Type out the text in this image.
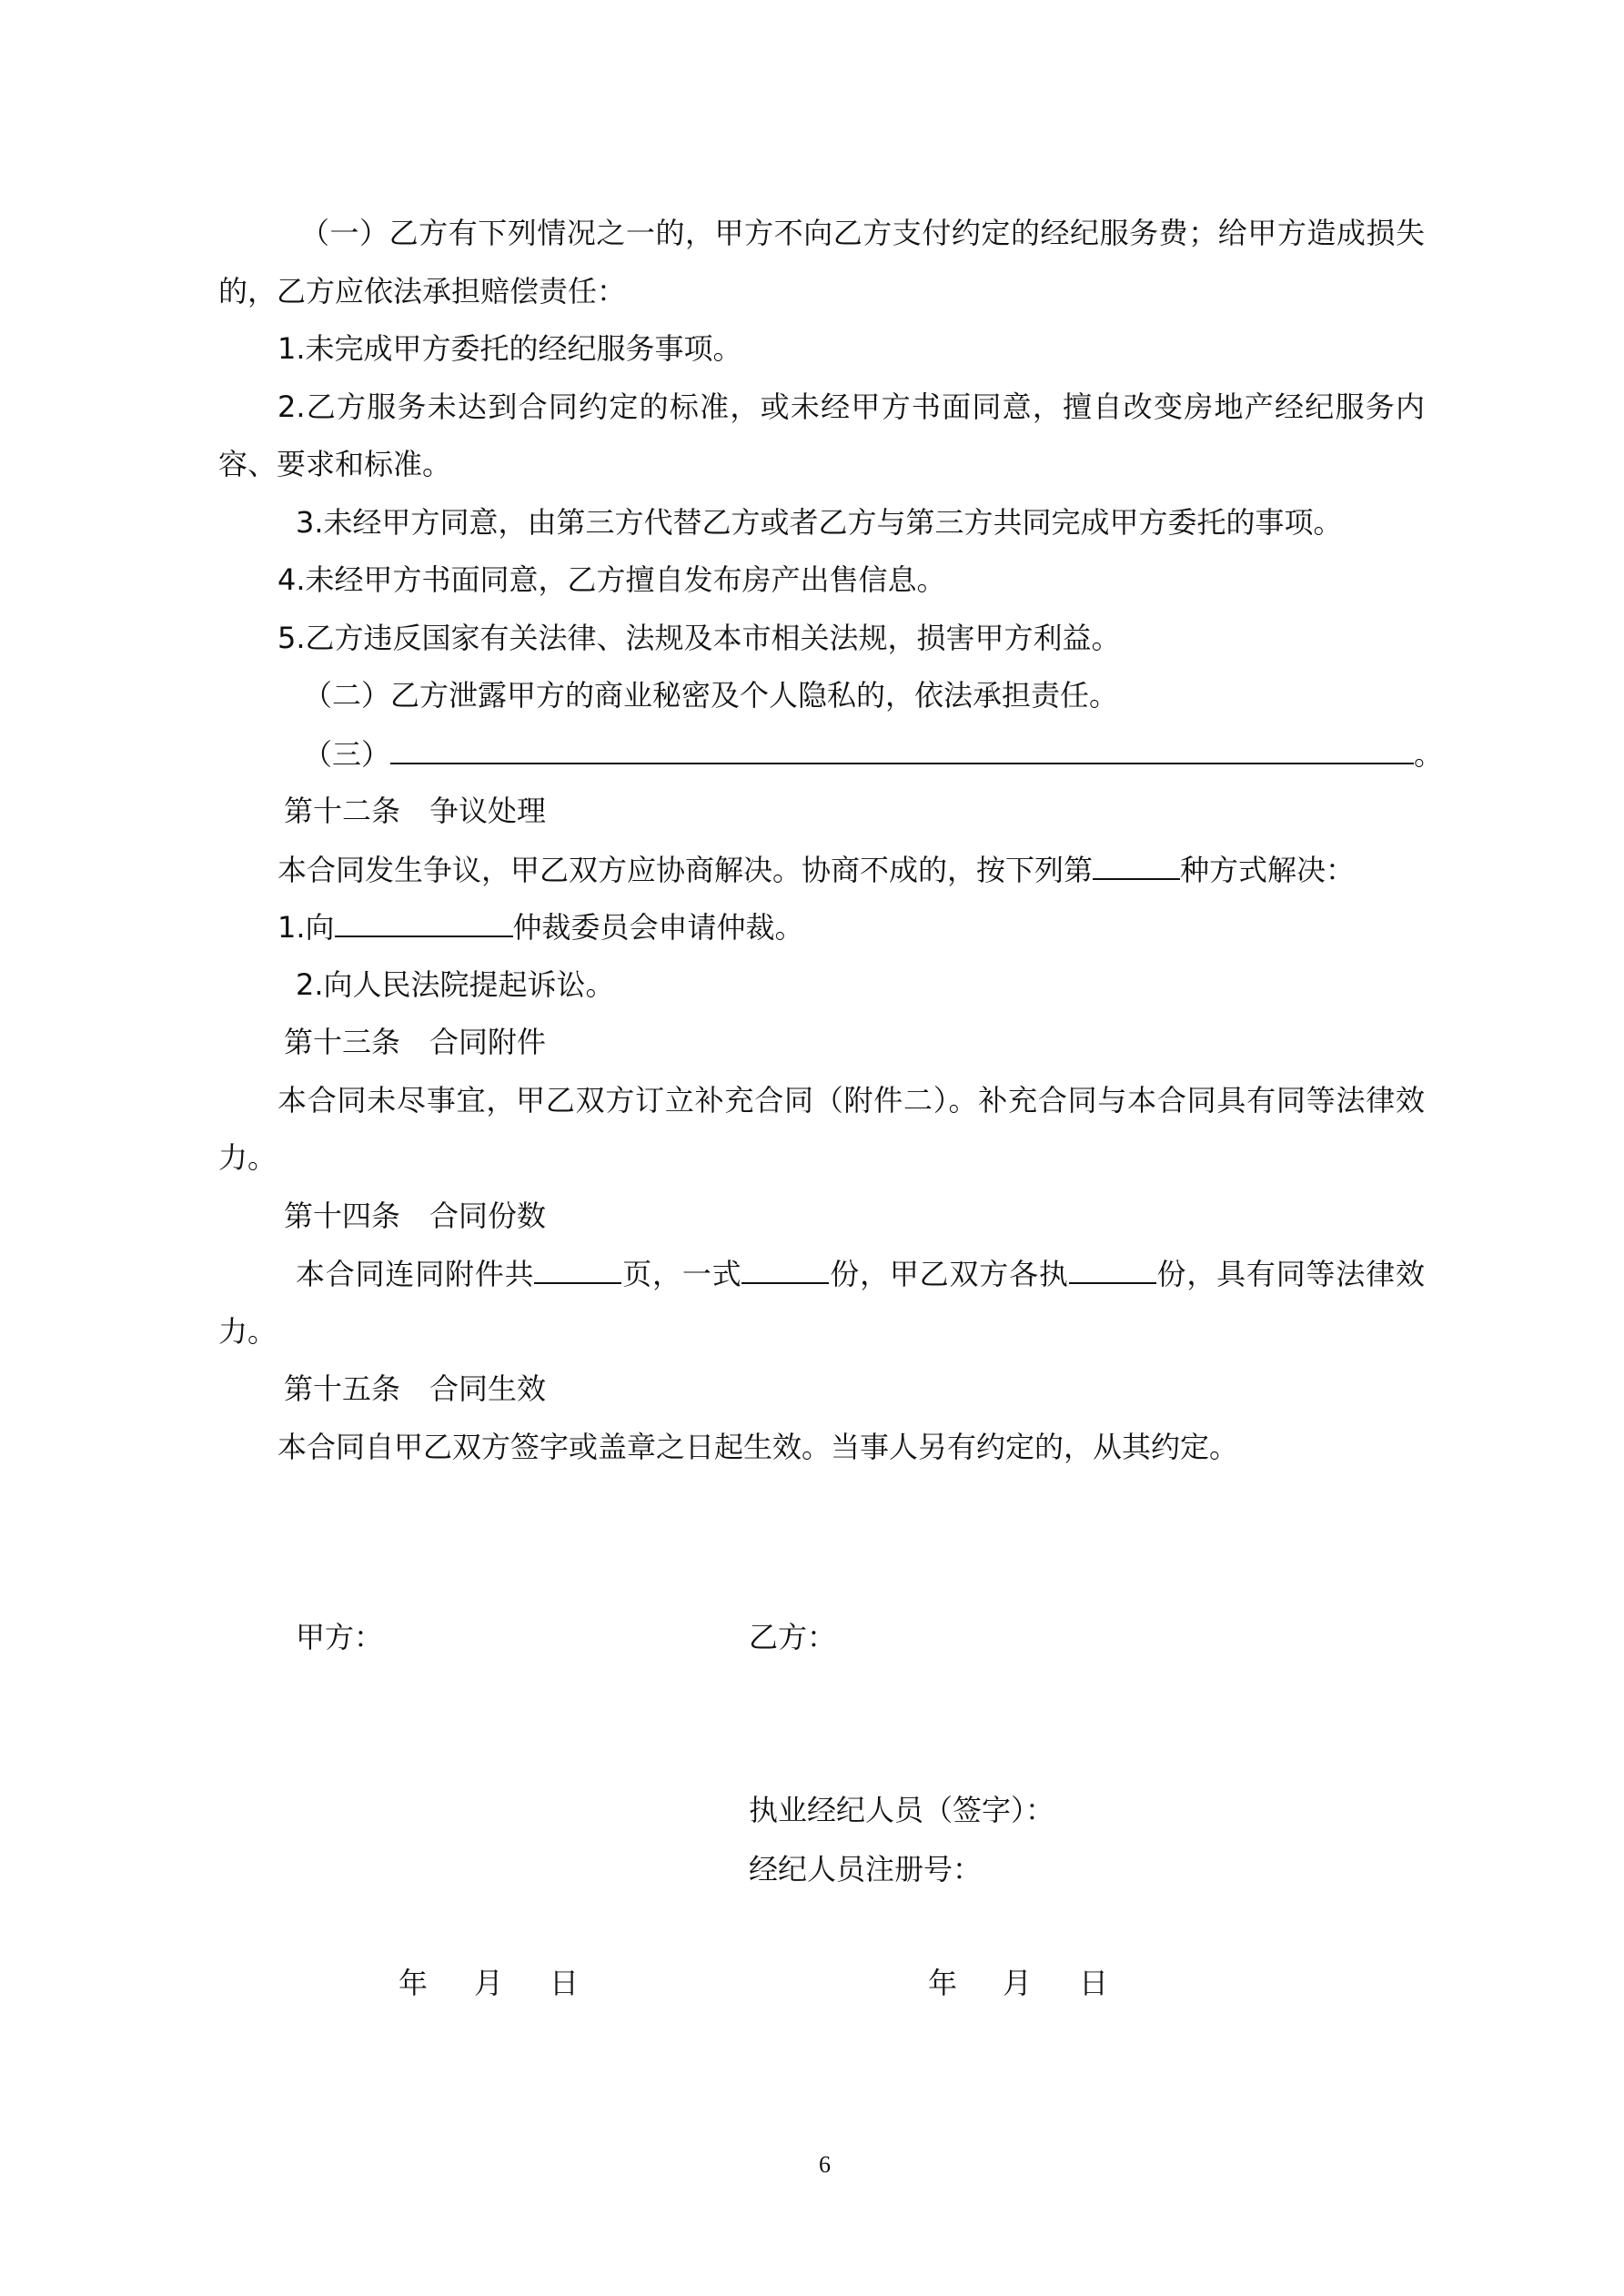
（一）乙方有下列情况之一的，甲方不向乙方支付约定的经纪服务费；给甲方造成损失
的，乙方应依法承担赔偿责任：
1.未完成甲方委托的经纪服务事项。
2.乙方服务未达到合同约定的标准，或未经甲方书面同意，擅自改变房地产经纪服务内
容、要求和标准。
3.未经甲方同意，由第三方代替乙方或者乙方与第三方共同完成甲方委托的事项。
4.未经甲方书面同意，乙方擅自发布房产出售信息。
5.乙方违反国家有关法律、法规及本市相关法规，损害甲方利益。
（二）乙方泄露甲方的商业秘密及个人隐私的，依法承担责任。
（三）	。
第十二条　争议处理
本合同发生争议，甲乙双方应协商解决。协商不成的，按下列第	种方式解决：
1.向	仲裁委员会申请仲裁。
2.向人民法院提起诉讼。
第十三条　合同附件
本合同未尽事宜，甲乙双方订立补充合同（附件二）。补充合同与本合同具有同等法律效
力。
第十四条　合同份数
本合同连同附件共	页，一式	份，甲乙双方各执	份，具有同等法律效
力。
第十五条　合同生效
本合同自甲乙双方签字或盖章之日起生效。当事人另有约定的，从其约定。
甲方：	乙方：
执业经纪人员（签字）：
经纪人员注册号：
年 月 日	年 月 日
6
